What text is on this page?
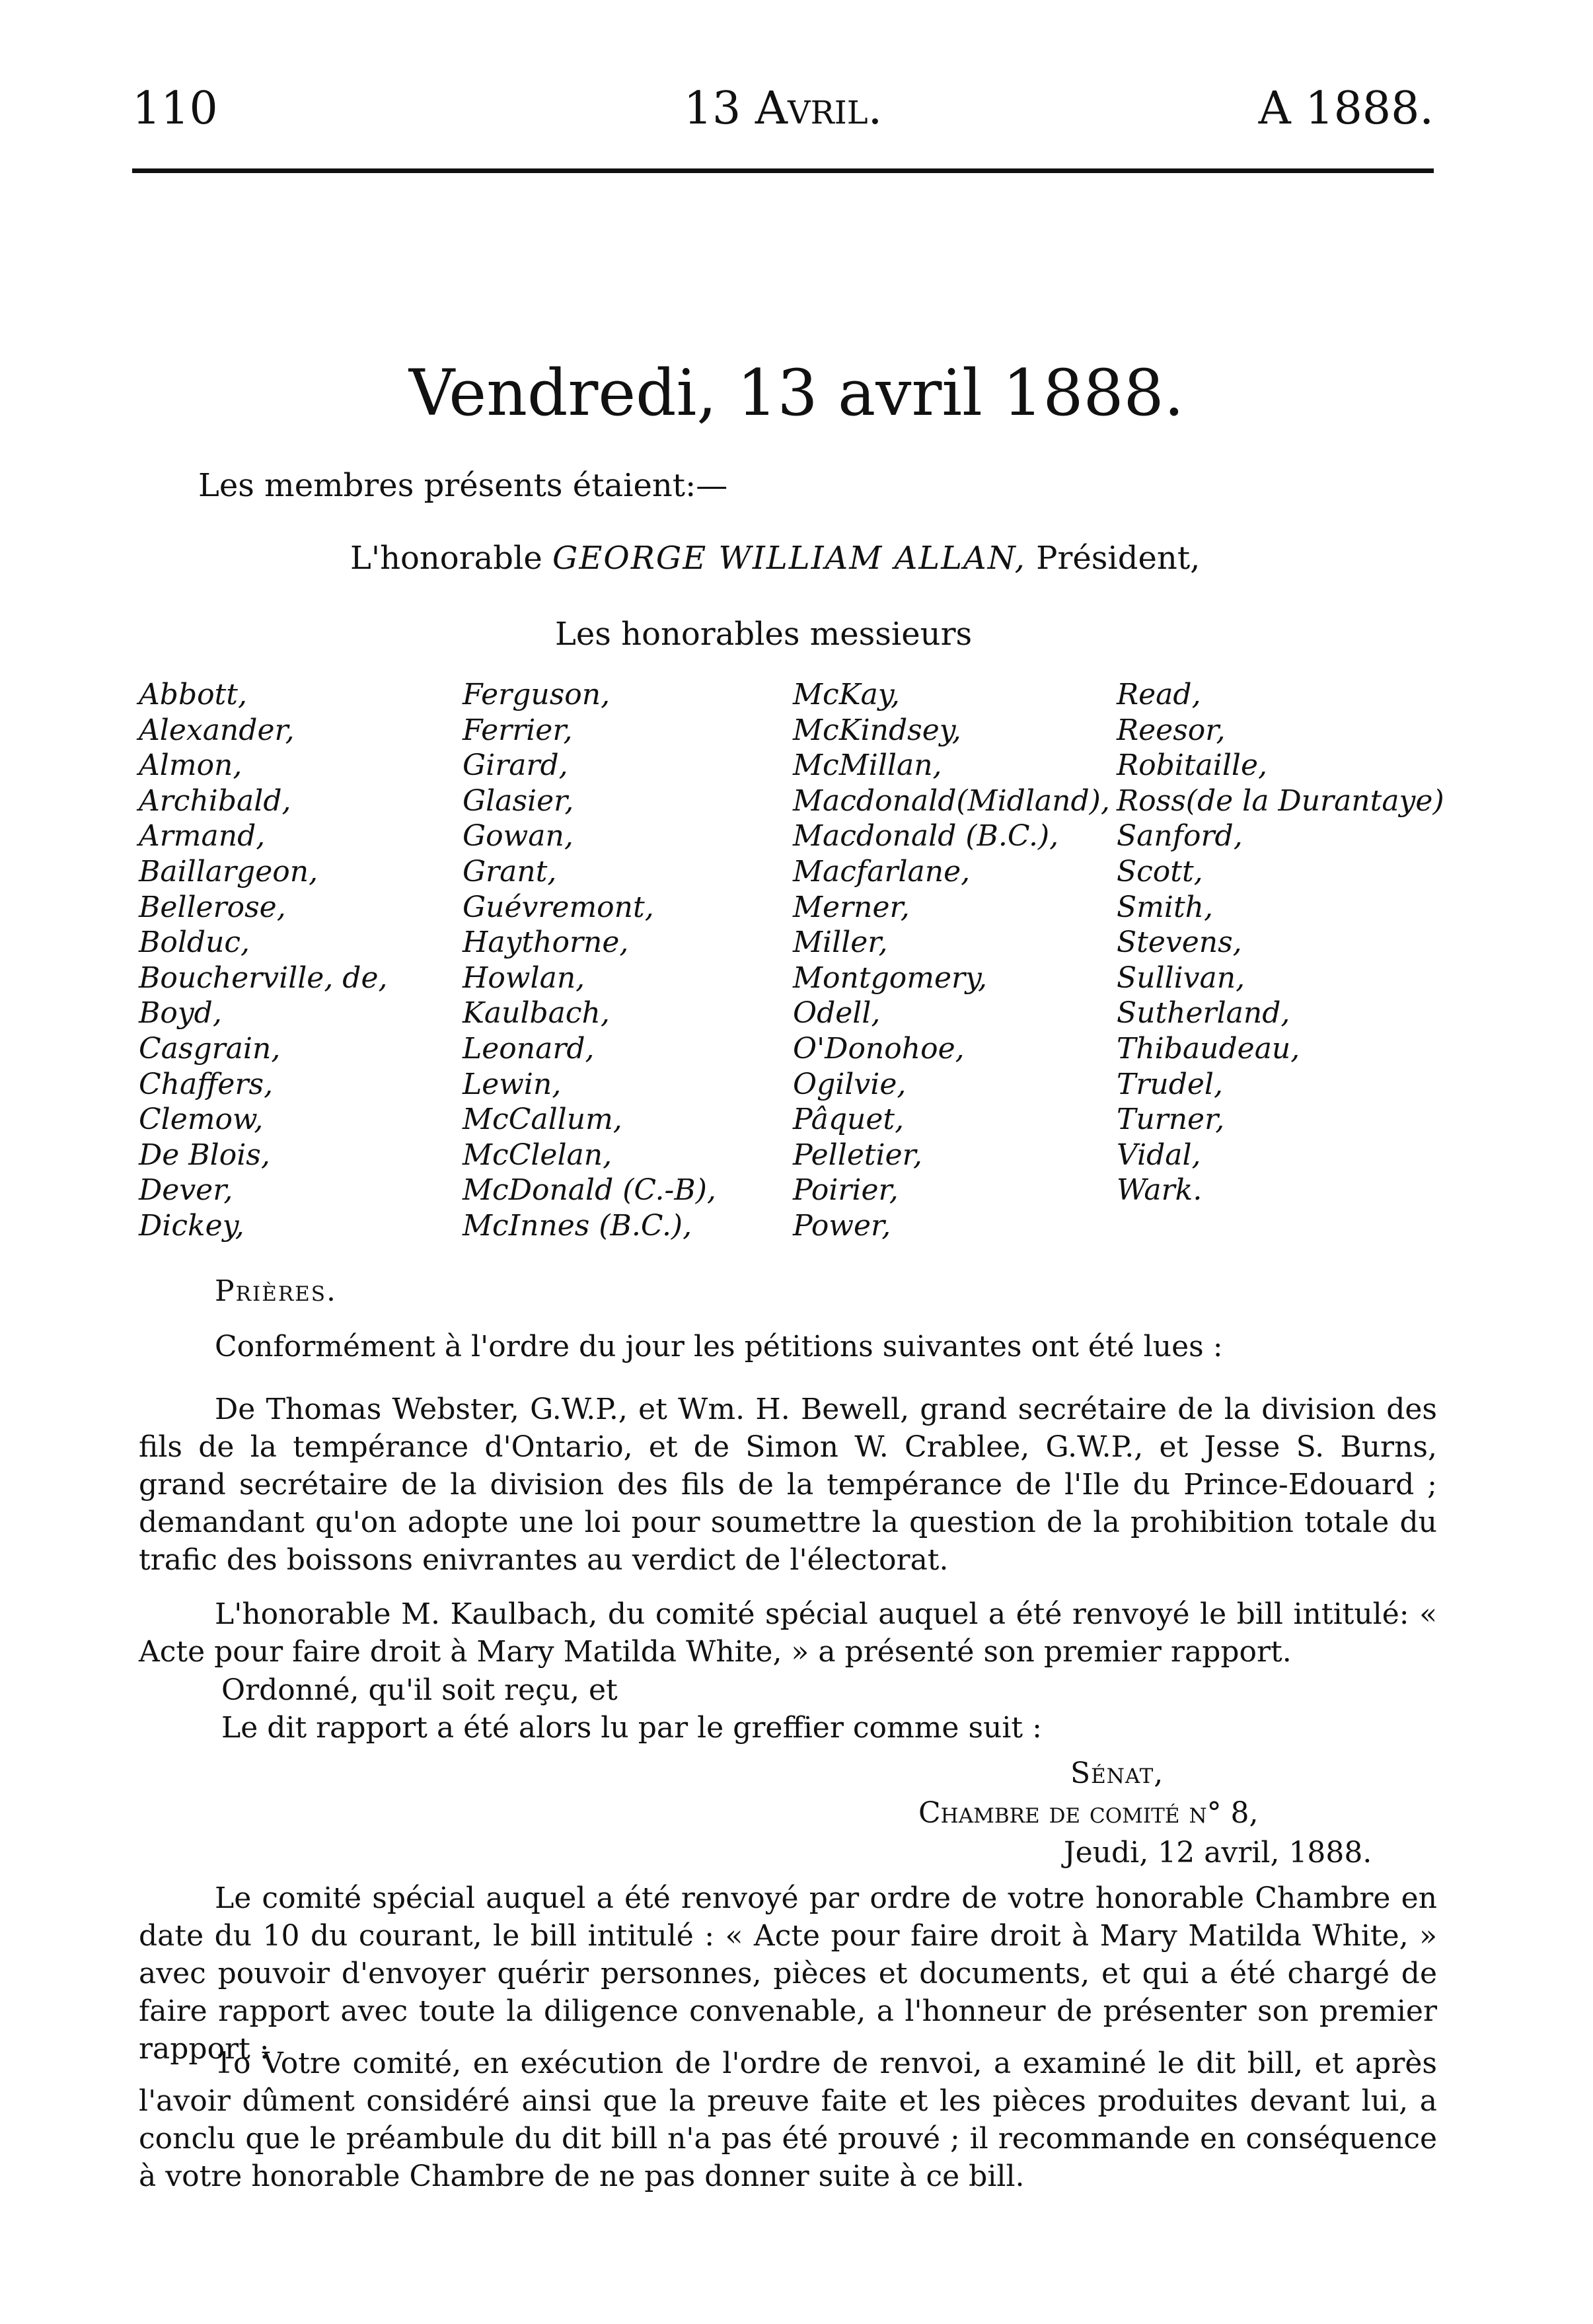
13 Avril.
110	A 1888.
Vendredi, 13 avril 1888.
Les membres présents étaient:—
L'honorable GEORGE WILLIAM ALLAN, Président,
Les honorables messieurs
Abbott,
Alexander,
Almon,
Archibald,
Armand,
Baillargeon,
Bellerose,
Bolduc,
Boucherville, de,
Boyd,
Casgrain,
Chaffers,
Clemow,
De Blois,
Dever,
Dickey,
Ferguson,
Ferrier,
Girard,
Glasier,
Gowan,
Grant,
Guévremont,
Haythorne,
Howlan,
Kaulbach,
Leonard,
Lewin,
McCallum,
McClelan,
McDonald (C.-B),
McInnes (B.C.),
McKay,
McKindsey,
McMillan,
Macdonald(Midland),
Macdonald (B.C.),
Macfarlane,
Merner,
Miller,
Montgomery,
Odell,
O'Donohoe,
Ogilvie,
Pâquet,
Pelletier,
Poirier,
Power,
Read,
Reesor,
Robitaille,
Ross(de la Durantaye)
Sanford,
Scott,
Smith,
Stevens,
Sullivan,
Sutherland,
Thibaudeau,
Trudel,
Turner,
Vidal,
Wark.
Prières.
Conformément à l'ordre du jour les pétitions suivantes ont été lues :
De Thomas Webster, G.W.P., et Wm. H. Bewell, grand secrétaire de la division des fils de la tempérance d'Ontario, et de Simon W. Crablee, G.W.P., et Jesse S. Burns, grand secrétaire de la division des fils de la tempérance de l'Ile du Prince-Edouard ; demandant qu'on adopte une loi pour soumettre la question de la prohibition totale du trafic des boissons enivrantes au verdict de l'électorat.
L'honorable M. Kaulbach, du comité spécial auquel a été renvoyé le bill intitulé: « Acte pour faire droit à Mary Matilda White, » a présenté son premier rapport.
Ordonné, qu'il soit reçu, et
Le dit rapport a été alors lu par le greffier comme suit :
Sénat,
Chambre de comité n° 8,
Jeudi, 12 avril, 1888.
Le comité spécial auquel a été renvoyé par ordre de votre honorable Chambre en date du 10 du courant, le bill intitulé : « Acte pour faire droit à Mary Matilda White, » avec pouvoir d'envoyer quérir personnes, pièces et documents, et qui a été chargé de faire rapport avec toute la diligence convenable, a l'honneur de présenter son premier rapport :
1o Votre comité, en exécution de l'ordre de renvoi, a examiné le dit bill, et après l'avoir dûment considéré ainsi que la preuve faite et les pièces produites devant lui, a conclu que le préambule du dit bill n'a pas été prouvé ; il recommande en conséquence à votre honorable Chambre de ne pas donner suite à ce bill.
